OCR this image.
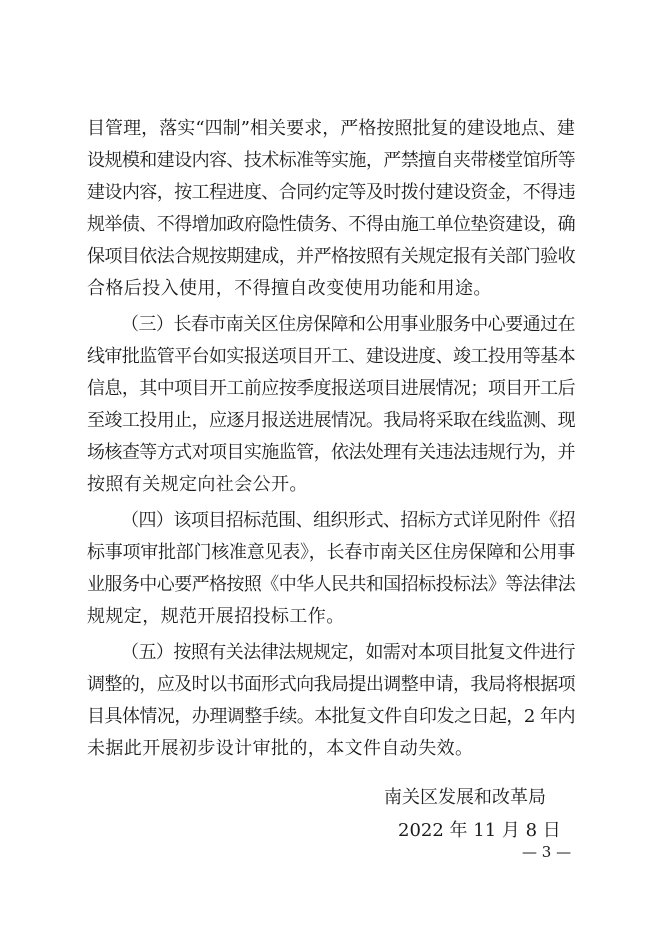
目管理，落实“四制”相关要求，严格按照批复的建设地点、建
设规模和建设内容、技术标准等实施，严禁擅自夹带楼堂馆所等
建设内容，按工程进度、合同约定等及时拨付建设资金，不得违
规举债、不得增加政府隐性债务、不得由施工单位垫资建设，确
保项目依法合规按期建成，并严格按照有关规定报有关部门验收
合格后投入使用，不得擅自改变使用功能和用途。
（三）长春市南关区住房保障和公用事业服务中心要通过在
线审批监管平台如实报送项目开工、建设进度、竣工投用等基本
信息，其中项目开工前应按季度报送项目进展情况；项目开工后
至竣工投用止，应逐月报送进展情况。我局将采取在线监测、现
场核查等方式对项目实施监管，依法处理有关违法违规行为，并
按照有关规定向社会公开。
（四）该项目招标范围、组织形式、招标方式详见附件《招
标事项审批部门核准意见表》，长春市南关区住房保障和公用事
业服务中心要严格按照《中华人民共和国招标投标法》等法律法
规规定，规范开展招投标工作。
（五）按照有关法律法规规定，如需对本项目批复文件进行
调整的，应及时以书面形式向我局提出调整申请，我局将根据项
目具体情况，办理调整手续。本批复文件自印发之日起，2 年内
未据此开展初步设计审批的，本文件自动失效。
南关区发展和改革局
2022 年 11 月 8 日
— 3 —
